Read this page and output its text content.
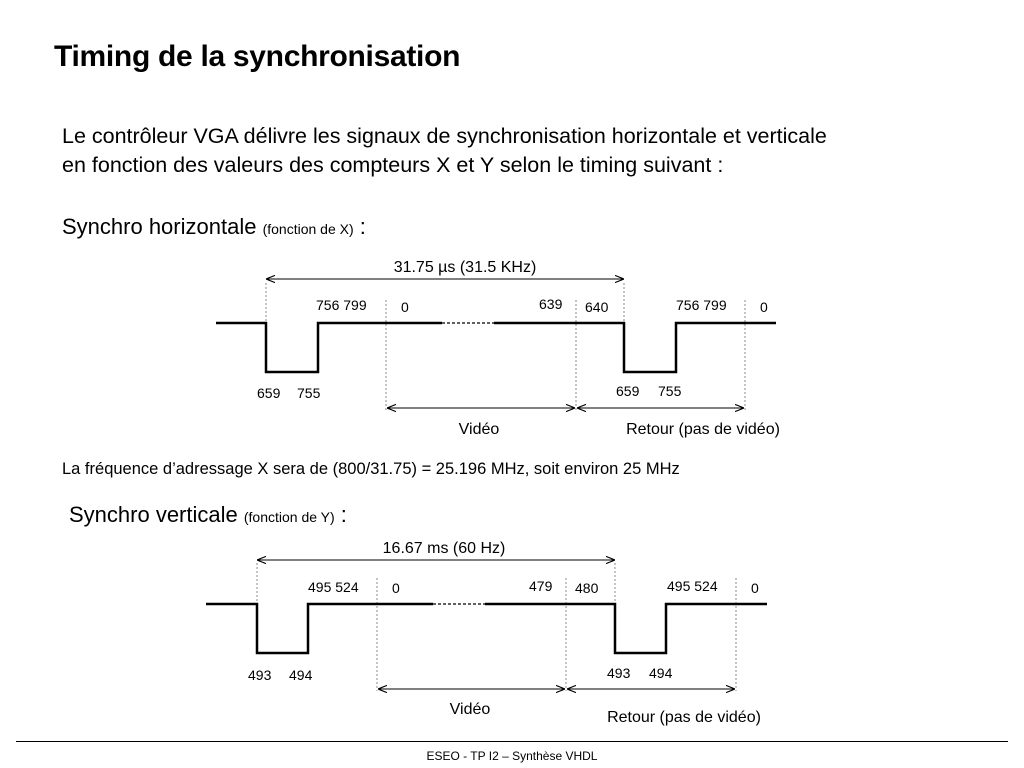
Timing de la synchronisation
Le contrôleur VGA délivre les signaux de synchronisation horizontale et verticale
en fonction des valeurs des compteurs X et Y selon le timing suivant :
Synchro horizontale (fonction de X) :
La fréquence d’adressage X sera de (800/31.75) = 25.196 MHz, soit environ 25 MHz
Synchro verticale (fonction de Y) :
31.75 µs (31.5 KHz)
756 799 0	639 640	756 799 0
659 755	659 755
Vidéo	Retour (pas de vidéo)
16.67 ms (60 Hz)
495 524 0	479 480	495 524 0
493 494	493 494
Vidéo	Retour (pas de vidéo)
ESEO - TP I2 – Synthèse VHDL
